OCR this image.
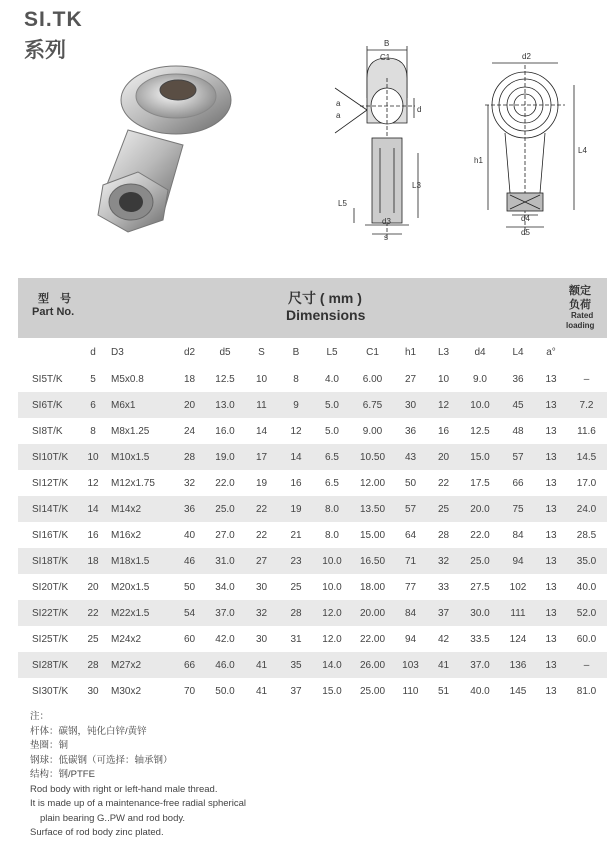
SI.TK
系列	B
C1
a
a
d
L3
L5
d3
s
d2
h1
L4
d4
d5
型 号
Part No.
尺寸 ( mm )
Dimensions
额定
负荷
Rated
loading
	d	D3	d2	d5	S	B	L5	C1	h1	L3	d4	L4	a°	
SI5T/K	5	M5x0.8	18	12.5	10	8	4.0	6.00	27	10	9.0	36	13	–
SI6T/K	6	M6x1	20	13.0	11	9	5.0	6.75	30	12	10.0	45	13	7.2
SI8T/K	8	M8x1.25	24	16.0	14	12	5.0	9.00	36	16	12.5	48	13	11.6
SI10T/K	10	M10x1.5	28	19.0	17	14	6.5	10.50	43	20	15.0	57	13	14.5
SI12T/K	12	M12x1.75	32	22.0	19	16	6.5	12.00	50	22	17.5	66	13	17.0
SI14T/K	14	M14x2	36	25.0	22	19	8.0	13.50	57	25	20.0	75	13	24.0
SI16T/K	16	M16x2	40	27.0	22	21	8.0	15.00	64	28	22.0	84	13	28.5
SI18T/K	18	M18x1.5	46	31.0	27	23	10.0	16.50	71	32	25.0	94	13	35.0
SI20T/K	20	M20x1.5	50	34.0	30	25	10.0	18.00	77	33	27.5	102	13	40.0
SI22T/K	22	M22x1.5	54	37.0	32	28	12.0	20.00	84	37	30.0	111	13	52.0
SI25T/K	25	M24x2	60	42.0	30	31	12.0	22.00	94	42	33.5	124	13	60.0
SI28T/K	28	M27x2	66	46.0	41	35	14.0	26.00	103	41	37.0	136	13	–
SI30T/K	30	M30x2	70	50.0	41	37	15.0	25.00	110	51	40.0	145	13	81.0
注：
杆体：碳钢，钝化白锌/黄锌
垫圈：铜
钢球：低碳钢（可选择：轴承钢）
结构：钢/PTFE
Rod body with right or left-hand male thread.
It is made up of a maintenance-free radial spherical
plain bearing G..PW and rod body.
Surface of rod body zinc plated.
